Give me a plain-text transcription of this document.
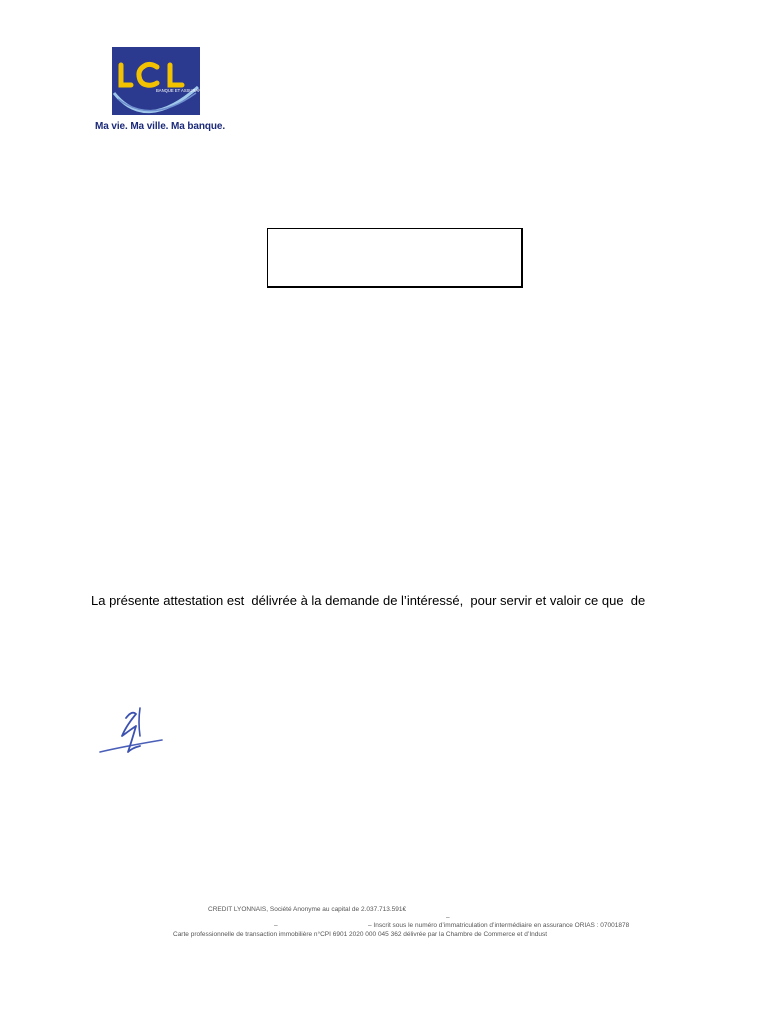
BANQUE ET ASSURANCE
Ma vie. Ma ville. Ma banque.
La présente attestation est  délivrée à la demande de l’intéressé,  pour servir et valoir ce que  de
CREDIT LYONNAIS, Société Anonyme au capital de 2.037.713.591€
–
–	– Inscrit sous le numéro d’immatriculation d’intermédiaire en assurance ORIAS : 07001878
Carte professionnelle de transaction immobilière n°CPI 6901 2020 000 045 362 délivrée par la Chambre de Commerce et d’Indust
